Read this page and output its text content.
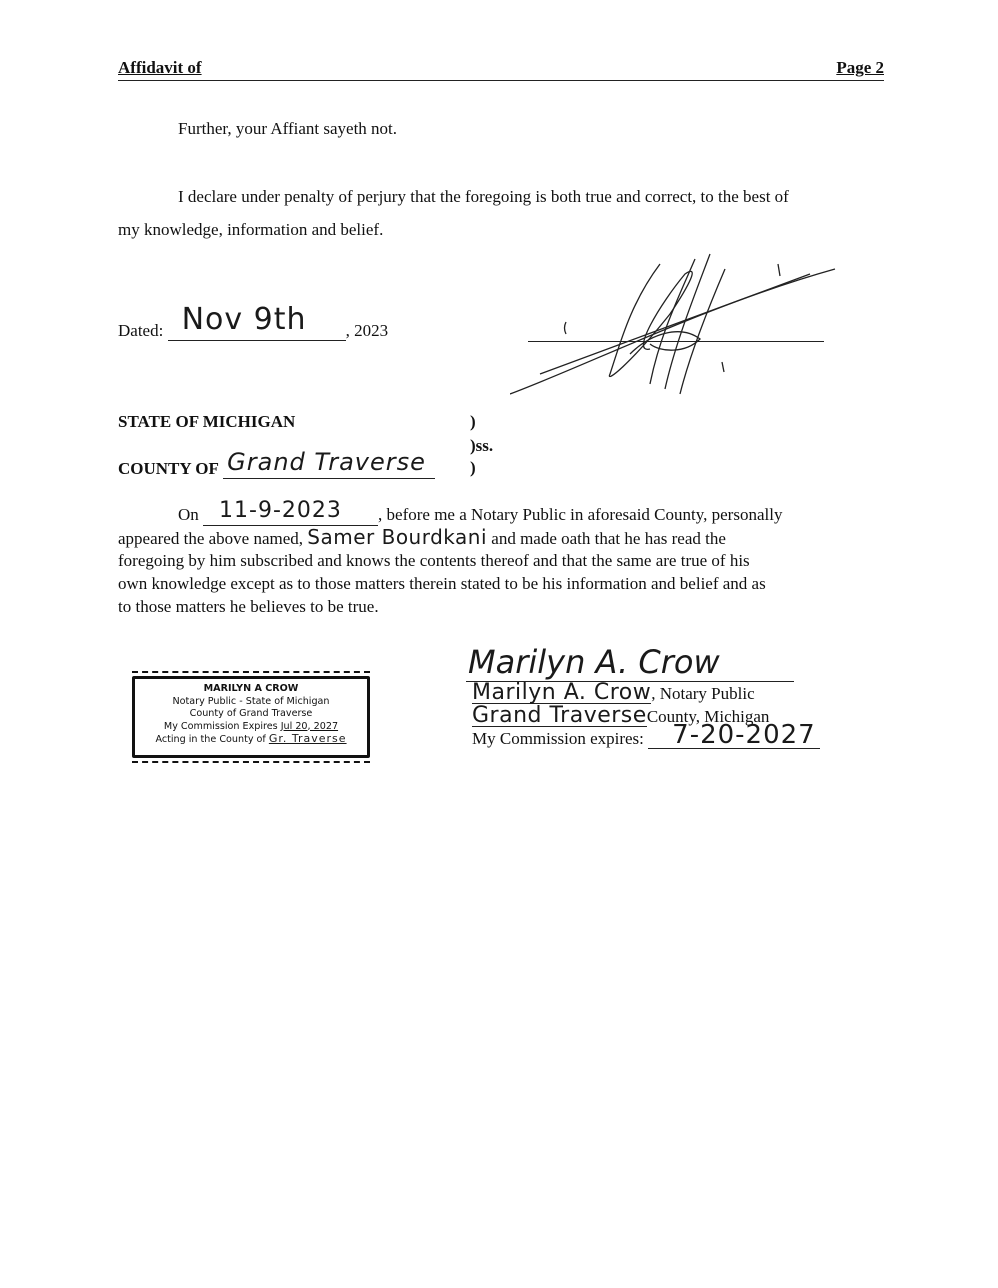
Affidavit of	Page 2
Further, your Affiant sayeth not.
I declare under penalty of perjury that the foregoing is both true and correct, to the best of
my knowledge, information and belief.
Dated: Nov 9th , 2023
STATE OF MICHIGAN	)
)ss.
)
COUNTY OF Grand Traverse
On 11-9-2023 , before me a Notary Public in aforesaid County, personally
appeared the above named, Samer Bourdkani and made oath that he has read the
foregoing by him subscribed and knows the contents thereof and that the same are true of his
own knowledge except as to those matters therein stated to be his information and belief and as
to those matters he believes to be true.
MARILYN A CROW
Notary Public - State of Michigan
County of Grand Traverse
My Commission Expires Jul 20, 2027
Acting in the County of Gr. Traverse
Marilyn A. Crow
Marilyn A. Crow, Notary Public
Grand TraverseCounty, Michigan
My Commission expires: 7-20-2027
